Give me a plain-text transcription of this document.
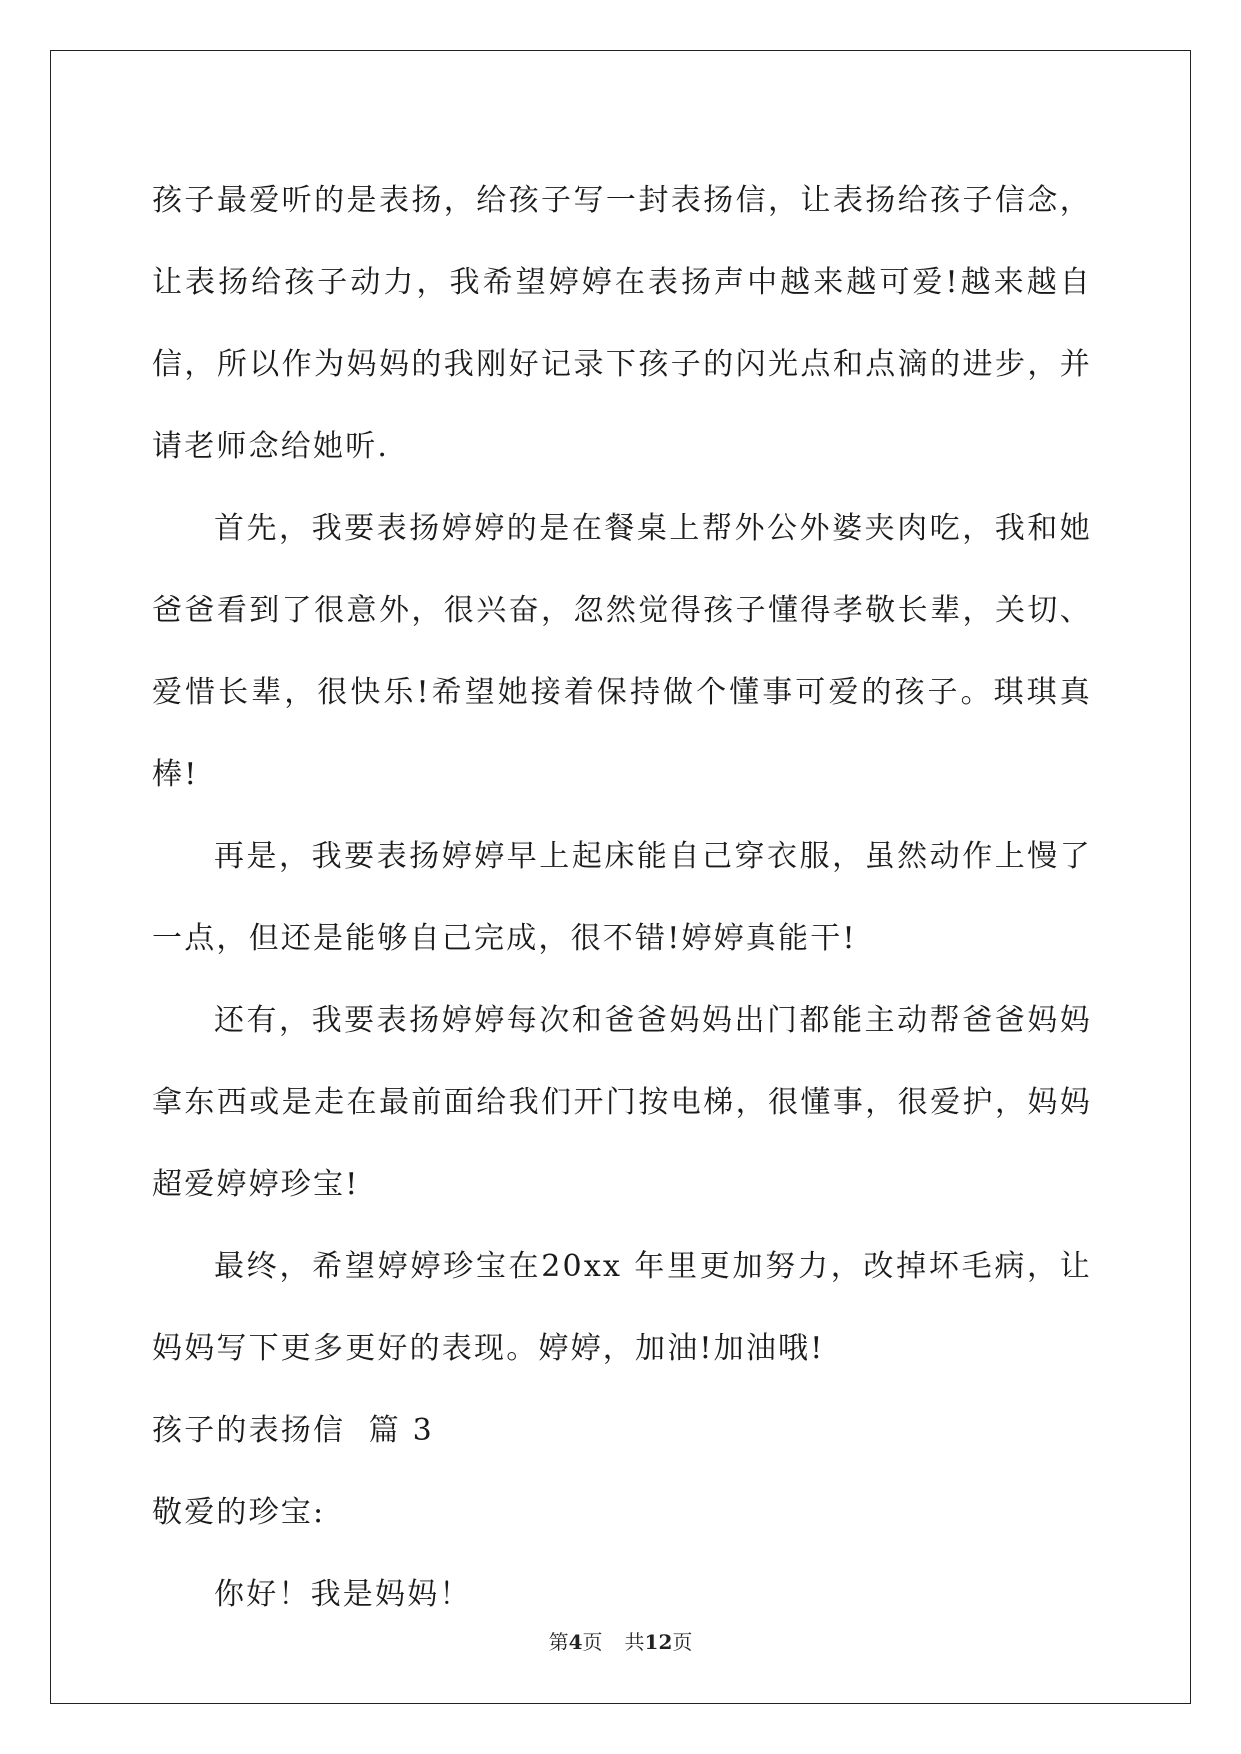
孩子最爱听的是表扬，给孩子写一封表扬信，让表扬给孩子信念，让表扬给孩子动力，我希望婷婷在表扬声中越来越可爱!越来越自信，所以作为妈妈的我刚好记录下孩子的闪光点和点滴的进步，并请老师念给她听.

首先，我要表扬婷婷的是在餐桌上帮外公外婆夹肉吃，我和她爸爸看到了很意外，很兴奋，忽然觉得孩子懂得孝敬长辈，关切、爱惜长辈，很快乐!希望她接着保持做个懂事可爱的孩子。琪琪真棒!

再是，我要表扬婷婷早上起床能自己穿衣服，虽然动作上慢了一点，但还是能够自己完成，很不错!婷婷真能干!

还有，我要表扬婷婷每次和爸爸妈妈出门都能主动帮爸爸妈妈拿东西或是走在最前面给我们开门按电梯，很懂事，很爱护，妈妈超爱婷婷珍宝!

最终，希望婷婷珍宝在20xx 年里更加努力，改掉坏毛病，让妈妈写下更多更好的表现。婷婷，加油!加油哦!

孩子的表扬信  篇 3

敬爱的珍宝:

你好！我是妈妈！

第4页 共12页
